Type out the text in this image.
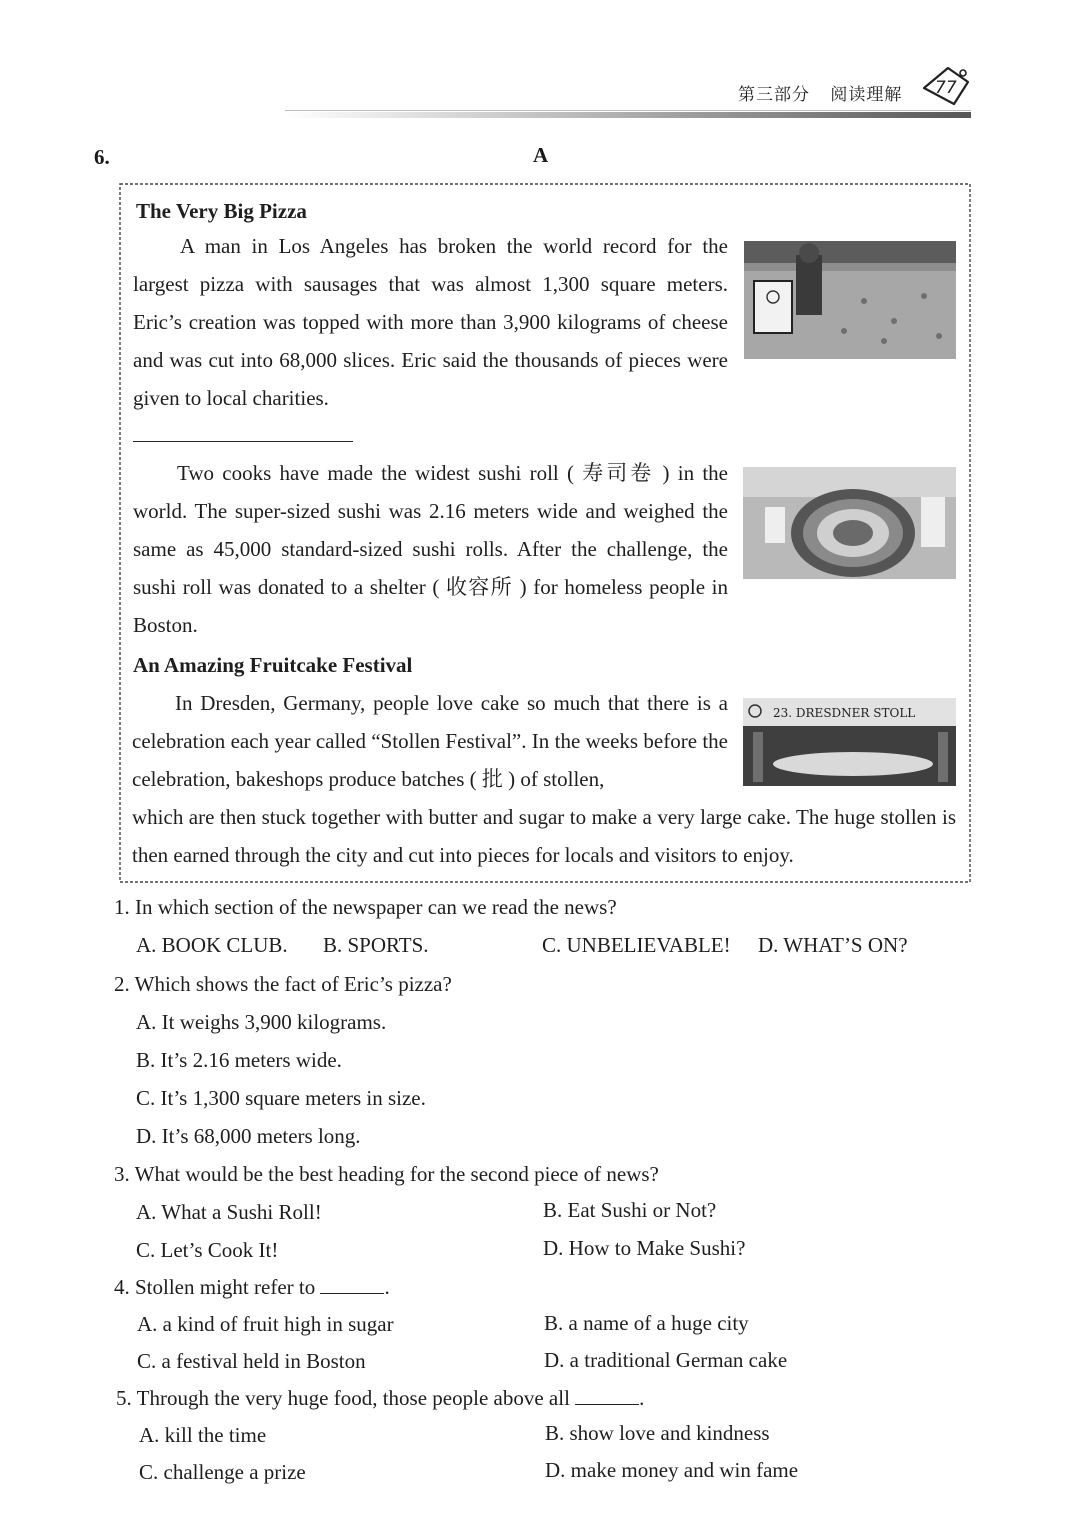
第三部分 阅读理解	77
6.	A
The Very Big Pizza
A man in Los Angeles has broken the world record for the largest pizza with sausages that was almost 1,300 square meters. Eric’s creation was topped with more than 3,900 kilograms of cheese and was cut into 68,000 slices. Eric said the thousands of pieces were given to local charities.
Two cooks have made the widest sushi roll ( 寿司卷 ) in the world. The super-sized sushi was 2.16 meters wide and weighed the same as 45,000 standard-sized sushi rolls. After the challenge, the sushi roll was donated to a shelter ( 收容所 ) for homeless people in Boston.
An Amazing Fruitcake Festival
In Dresden, Germany, people love cake so much that there is a celebration each year called “Stollen Festival”. In the weeks before the celebration, bakeshops produce batches ( 批 ) of stollen,
23. DRESDNER STOLL
which are then stuck together with butter and sugar to make a very large cake. The huge stollen is then earned through the city and cut into pieces for locals and visitors to enjoy.
1. In which section of the newspaper can we read the news?
A. BOOK CLUB. B. SPORTS.	C. UNBELIEVABLE! D. WHAT’S ON?
2. Which shows the fact of Eric’s pizza?
A. It weighs 3,900 kilograms.
B. It’s 2.16 meters wide.
C. It’s 1,300 square meters in size.
D. It’s 68,000 meters long.
3. What would be the best heading for the second piece of news?
A. What a Sushi Roll!	B. Eat Sushi or Not?
C. Let’s Cook It!	D. How to Make Sushi?
4. Stollen might refer to	.
A. a kind of fruit high in sugar	B. a name of a huge city
C. a festival held in Boston	D. a traditional German cake
5. Through the very huge food, those people above all	.
A. kill the time	B. show love and kindness
C. challenge a prize	D. make money and win fame
